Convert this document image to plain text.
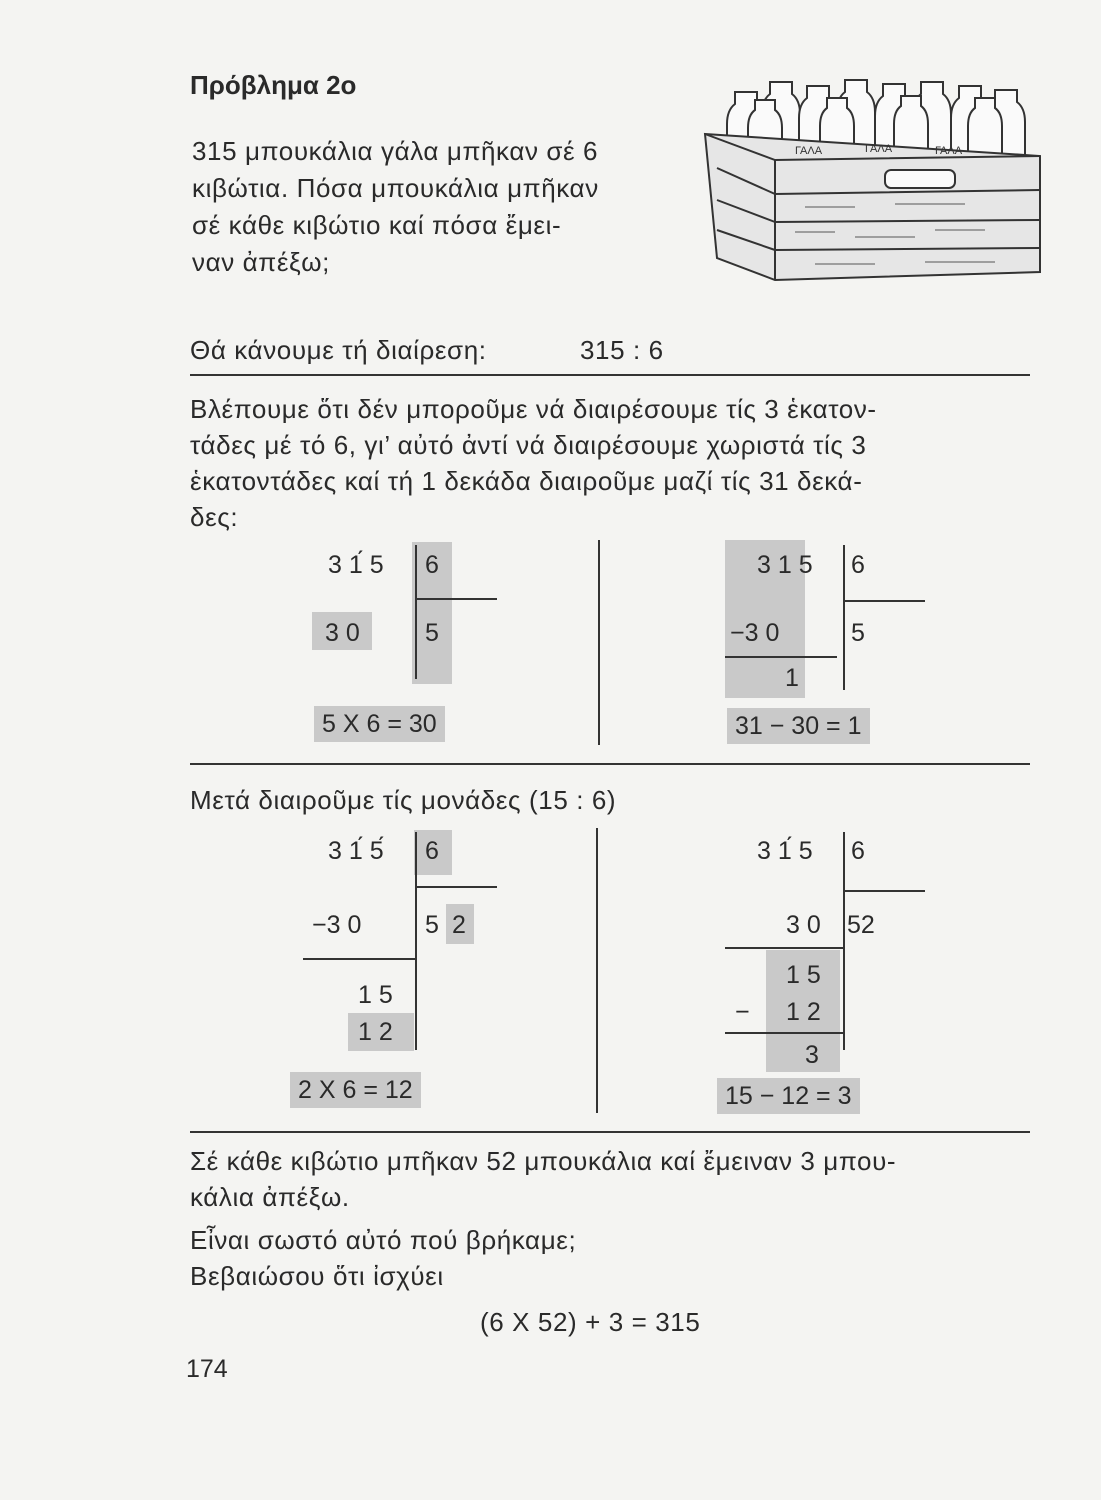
Πρόβλημα 2ο
315 μπουκάλια γάλα μπῆκαν σέ 6
κιβώτια. Πόσα μπουκάλια μπῆκαν
σέ κάθε κιβώτιο καί πόσα ἔμει-
ναν ἀπέξω;
ΓΑΛΑ	ΓΑΛΑ	ΓΑΛΑ
Θά κάνουμε τή διαίρεση:	315 : 6
Βλέπουμε ὅτι δέν μποροῦμε νά διαιρέσουμε τίς 3 ἑκατον-
τάδες μέ τό 6, γι’ αὐτό ἀντί νά διαιρέσουμε χωριστά τίς 3
ἑκατοντάδες καί τή 1 δεκάδα διαιροῦμε μαζί τίς 31 δεκά-
δες:
3 1́ 5 6
3 0	5
5 X 6 = 30
3 1 5 6
−3 0	5
1
31 − 30 = 1
Μετά διαιροῦμε τίς μονάδες (15 : 6)
3 1́ 5́ 6
−3 0	5 2
1 5
1 2
2 X 6 = 12
3 1́ 5 6
3 0 52
1 5
− 1 2
3
15 − 12 = 3
Σέ κάθε κιβώτιο μπῆκαν 52 μπουκάλια καί ἔμειναν 3 μπου-
κάλια ἀπέξω.
Εἶναι σωστό αὐτό πού βρήκαμε;
Βεβαιώσου ὅτι ἰσχύει
(6 X 52) + 3 = 315
174
